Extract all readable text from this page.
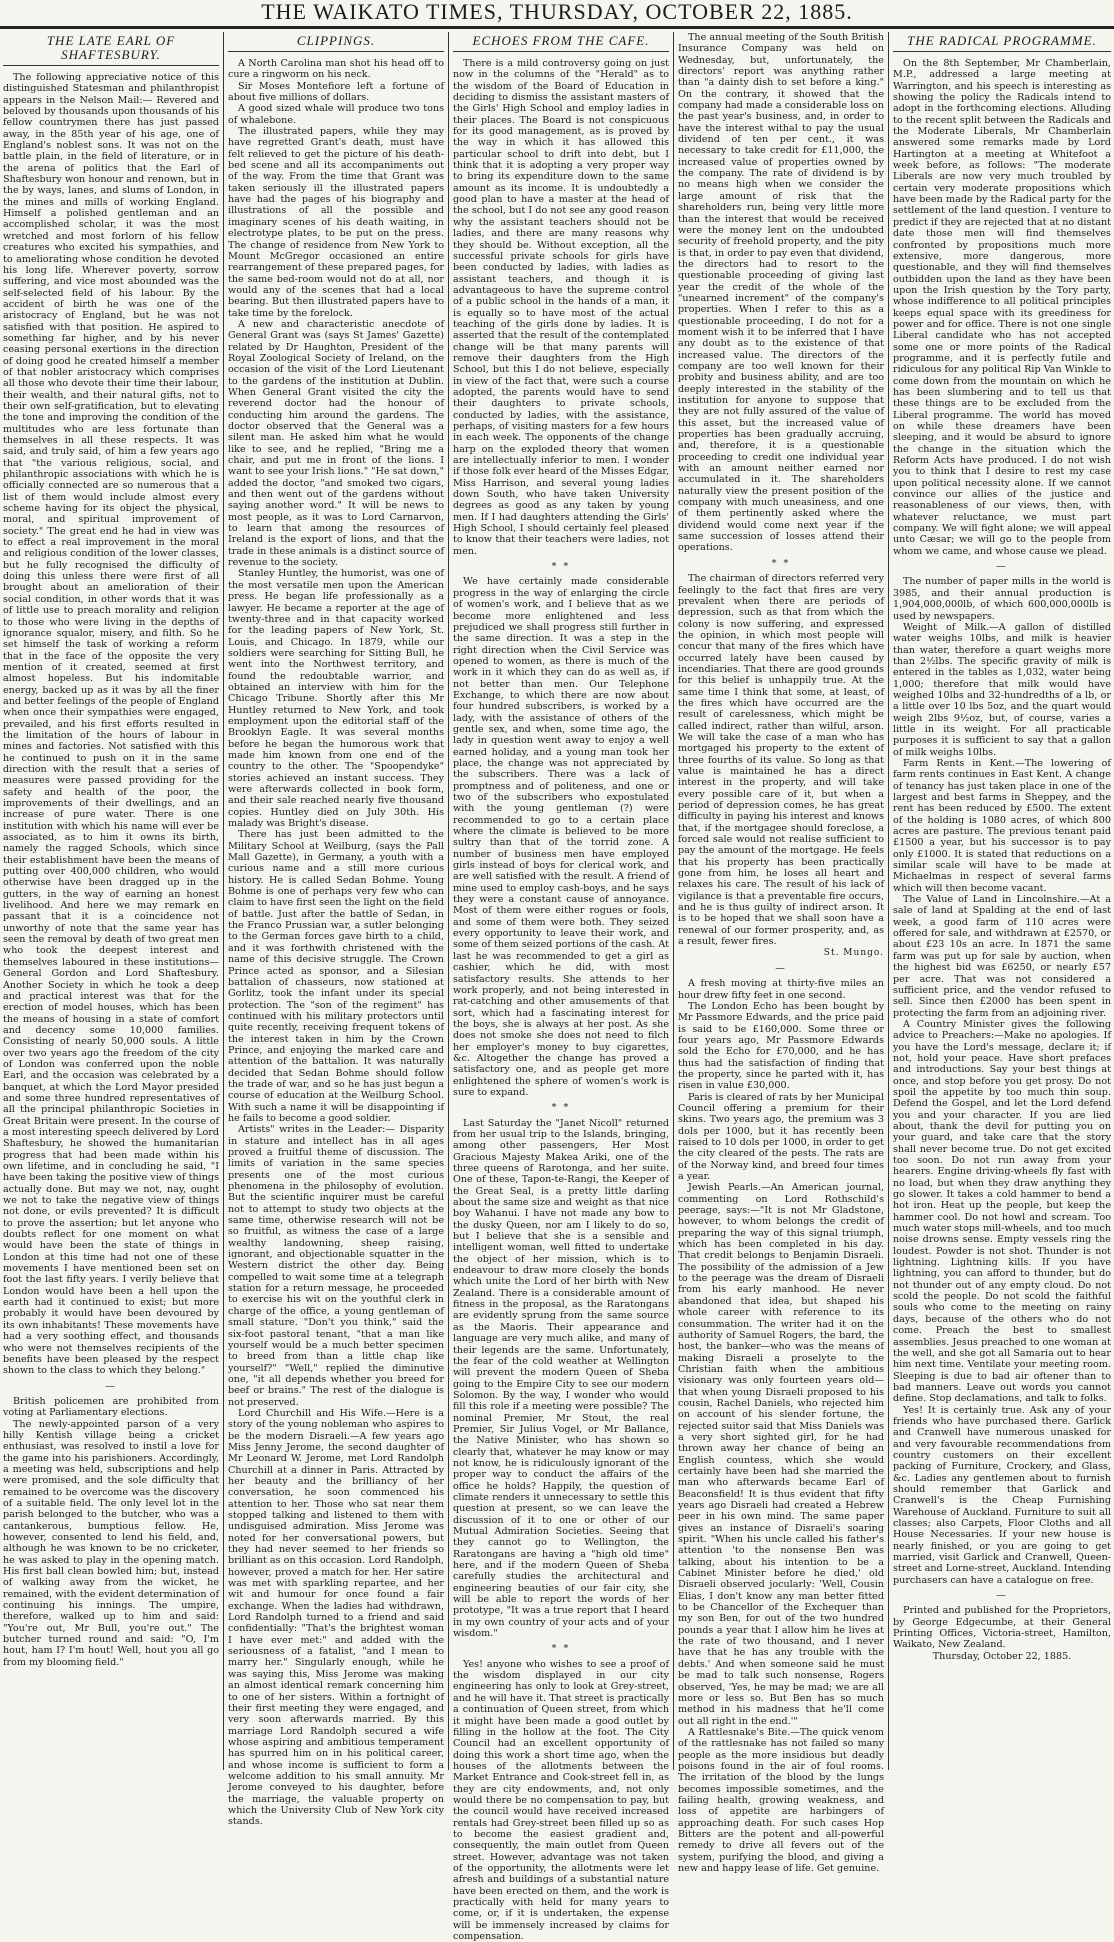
THE WAIKATO TIMES, THURSDAY, OCTOBER 22, 1885.

THE LATE EARL OF SHAFTESBURY.

The following appreciative notice of this distinguished Statesman and philanthropist appears in the Nelson Mail:— Revered and beloved by thousands upon thousands of his fellow countrymen there has just passed away, in the 85th year of his age, one of England's noblest sons. It was not on the battle plain, in the field of literature, or in the arena of politics that the Earl of Shaftesbury won honour and renown, but in the by ways, lanes, and slums of London, in the mines and mills of working England. Himself a polished gentleman and an accomplished scholar, it was the most wretched and most forlorn of his fellow creatures who excited his sympathies, and to ameliorating whose condition he devoted his long life. Wherever poverty, sorrow suffering, and vice most abounded was the self-selected field of his labour. By the accident of birth he was one of the aristocracy of England, but he was not satisfied with that position. He aspired to something far higher, and by his never ceasing personal exertions in the direction of doing good he created himself a member of that nobler aristocracy which comprises all those who devote their time their labour, their wealth, and their natural gifts, not to their own self-gratification, but to elevating the tone and improving the condition of the multitudes who are less fortunate than themselves in all these respects. It was said, and truly said, of him a few years ago that "the various religious, social, and philanthropic associations with which he is officially connected are so numerous that a list of them would include almost every scheme having for its object the physical, moral, and spiritual improvement of society." The great end he had in view was to effect a real improvement in the moral and religious condition of the lower classes, but he fully recognised the difficulty of doing this unless there were first of all brought about an amelioration of their social condition, in other words that it was of little use to preach morality and religion to those who were living in the depths of ignorance squalor, misery, and filth. So he set himself the task of working a reform that in the face of the opposite the very mention of it created, seemed at first almost hopeless. But his indomitable energy, backed up as it was by all the finer and better feelings of the people of England when once their sympathies were engaged, prevailed, and his first efforts resulted in the limitation of the hours of labour in mines and factories. Not satisfied with this he continued to push on it in the same direction with the result that a series of measures were passed providing for the safety and health of the poor, the improvements of their dwellings, and an increase of pure water. There is one institution with which his name will ever be associated, as to him it owns its birth, namely the ragged Schools, which since their establishment have been the means of putting over 400,000 children, who would otherwise have been dragged up in the gutters, in the way of earning an honest livelihood. And here we may remark en passant that it is a coincidence not unworthy of note that the same year has seen the removal by death of two great men who took the deepest interest and themselves laboured in these institutions—General Gordon and Lord Shaftesbury. Another Society in which he took a deep and practical interest was that for the erection of model houses, which has been the means of housing in a state of comfort and decency some 10,000 families. Consisting of nearly 50,000 souls. A little over two years ago the freedom of the city of London was conferred upon the noble Earl, and the occasion was celebrated by a banquet, at which the Lord Mayor presided and some three hundred representatives of all the principal philanthropic Societies in Great Britain were present. In the course of a most interesting speech delivered by Lord Shaftesbury, he showed the humanitarian progress that had been made within his own lifetime, and in concluding he said, "I have been taking the positive view of things actually done. But may we not, nay, ought we not to take the negative view of things not done, or evils prevented? It is difficult to prove the assertion; but let anyone who doubts reflect for one moment on what would have been the state of things in London at this time had not one of these movements I have mentioned been set on foot the last fifty years. I verily believe that London would have been a hell upon the earth had it continued to exist; but more probably it would have been devoured by its own inhabitants! These movements have had a very soothing effect, and thousands who were not themselves recipients of the benefits have been pleased by the respect shown to the class to which they belong."

—

British policemen are prohibited from voting at Parliamentary elections.

The newly-appointed parson of a very hilly Kentish village being a cricket enthusiast, was resolved to instil a love for the game into his parishioners. Accordingly, a meeting was held, subscriptions and help were promised, and the sole difficulty that remained to be overcome was the discovery of a suitable field. The only level lot in the parish belonged to the butcher, who was a cantankerous, bumptious fellow. He, however, consented to lend his field, and, although he was known to be no cricketer, he was asked to play in the opening match. His first ball clean bowled him; but, instead of walking away from the wicket, he remained, with the evident determination of continuing his innings. The umpire, therefore, walked up to him and said: "You're out, Mr Bull, you're out." The butcher turned round and said: "O, I'm hout, ham I? I'm hout! Well, hout you all go from my blooming field."

CLIPPINGS.

A North Carolina man shot his head off to cure a ringworm on his neck.

Sir Moses Montefiore left a fortune of about five millions of dollars.

A good sized whale will produce two tons of whalebone.

The illustrated papers, while they may have regretted Grant's death, must have felt relieved to get the picture of his death-bed scene and all its accompaniments out of the way. From the time that Grant was taken seriously ill the illustrated papers have had the pages of his biography and illustrations of all the possible and imaginary scenes of his death waiting, in electrotype plates, to be put on the press. The change of residence from New York to Mount McGregor occasioned an entire rearrangement of these prepared pages, for the same bed-room would not do at all, nor would any of the scenes that had a local bearing. But then illustrated papers have to take time by the forelock.

A new and characteristic anecdote of General Grant was (says St James' Gazette) related by Dr Haughton, President of the Royal Zoological Society of Ireland, on the occasion of the visit of the Lord Lieutenant to the gardens of the institution at Dublin. When General Grant visited the city the reverend doctor had the honour of conducting him around the gardens. The doctor observed that the General was a silent man. He asked him what he would like to see, and he replied, "Bring me a chair, and put me in front of the lions. I want to see your Irish lions." "He sat down," added the doctor, "and smoked two cigars, and then went out of the gardens without saying another word." It will be news to most people, as it was to Lord Carnarvon, to learn that among the resources of Ireland is the export of lions, and that the trade in these animals is a distinct source of revenue to the society.

Stanley Huntley, the humorist, was one of the most versatile men upon the American press. He began life professionally as a lawyer. He became a reporter at the age of twenty-three and in that capacity worked for the leading papers of New York, St. Louis, and Chicago. In 1879, while our soldiers were searching for Sitting Bull, he went into the Northwest territory, and found the redoubtable warrior, and obtained an interview with him for the Chicago Tribune. Shortly after this Mr Huntley returned to New York, and took employment upon the editorial staff of the Brooklyn Eagle. It was several months before he began the humorous work that made him known from one end of the country to the other. The "Spoopendyke" stories achieved an instant success. They were afterwards collected in book form, and their sale reached nearly five thousand copies. Huntley died on July 30th. His malady was Bright's disease.

There has just been admitted to the Military School at Weilburg, (says the Pall Mall Gazette), in Germany, a youth with a curious name and a still more curious history. He is called Sedan Bohme. Young Bohme is one of perhaps very few who can claim to have first seen the light on the field of battle. Just after the battle of Sedan, in the Franco Prussian war, a sutler belonging to the German forces gave birth to a child, and it was forthwith christened with the name of this decisive struggle. The Crown Prince acted as sponsor, and a Silesian battalion of chasseurs, now stationed at Gorlitz, took the infant under its special protection. The "son of the regiment" has continued with his military protectors until quite recently, receiving frequent tokens of the interest taken in him by the Crown Prince, and enjoying the marked care and attention of the battalion. It was naturally decided that Sedan Bohme should follow the trade of war, and so he has just begun a course of education at the Weilburg School. With such a name it will be disappointing if he fails to become a good soldier.

Artists" writes in the Leader:— Disparity in stature and intellect has in all ages proved a fruitful theme of discussion. The limits of variation in the same species presents one of the most curious phenomena in the philosophy of evolution. But the scientific inquirer must be careful not to attempt to study two objects at the same time, otherwise research will not be so fruitful, as witness the case of a large wealthy landowning, sheep raising, ignorant, and objectionable squatter in the Western district the other day. Being compelled to wait some time at a telegraph station for a return message, he proceeded to exercise his wit on the youthful clerk in charge of the office, a young gentleman of small stature. "Don't you think," said the six-foot pastoral tenant, "that a man like yourself would be a much better specimen to breed from than a little chap like yourself?" "Well," replied the diminutive one, "it all depends whether you breed for beef or brains." The rest of the dialogue is not preserved.

Lord Churchill and His Wife.—Here is a story of the young nobleman who aspires to be the modern Disraeli.—A few years ago Miss Jenny Jerome, the second daughter of Mr Leonard W. Jerome, met Lord Randolph Churchill at a dinner in Paris. Attracted by her beauty and the brilliancy of her conversation, he soon commenced his attention to her. Those who sat near them stopped talking and listened to them with undisguised admiration. Miss Jerome was noted for her conversational powers, but they had never seemed to her friends so brilliant as on this occasion. Lord Randolph, however, proved a match for her. Her satire was met with sparkling repartee, and her wit and humour for once found a fair exchange. When the ladies had withdrawn, Lord Randolph turned to a friend and said confidentially: "That's the brightest woman I have ever met:" and added with the seriousness of a fatalist, "and I mean to marry her." Singularly enough, while he was saying this, Miss Jerome was making an almost identical remark concerning him to one of her sisters. Within a fortnight of their first meeting they were engaged, and very soon afterwards married. By this marriage Lord Randolph secured a wife whose aspiring and ambitious temperament has spurred him on in his political career, and whose income is sufficient to form a welcome addition to his small annuity. Mr Jerome conveyed to his daughter, before the marriage, the valuable property on which the University Club of New York city stands.

ECHOES FROM THE CAFE.

There is a mild controversy going on just now in the columns of the "Herald" as to the wisdom of the Board of Education in deciding to dismiss the assistant masters of the Girls' High School and employ ladies in their places. The Board is not conspicuous for its good management, as is proved by the way in which it has allowed this particular school to drift into debt, but I think that it is adopting a very proper way to bring its expenditure down to the same amount as its income. It is undoubtedly a good plan to have a master at the head of the school, but I do not see any good reason why the assistant teachers should not be ladies, and there are many reasons why they should be. Without exception, all the successful private schools for girls have been conducted by ladies, with ladies as assistant teachers, and though it is advantageous to have the supreme control of a public school in the hands of a man, it is equally so to have most of the actual teaching of the girls done by ladies. It is asserted that the result of the contemplated change will be that many parents will remove their daughters from the High School, but this I do not believe, especially in view of the fact that, were such a course adopted, the parents would have to send their daughters to private schools, conducted by ladies, with the assistance, perhaps, of visiting masters for a few hours in each week. The opponents of the change harp on the exploded theory that women are intellectually inferior to men. I wonder if those folk ever heard of the Misses Edgar, Miss Harrison, and several young ladies down South, who have taken University degrees as good as any taken by young men. If I had daughters attending the Girls' High School, I should certainly feel pleased to know that their teachers were ladies, not men.

* *

We have certainly made considerable progress in the way of enlarging the circle of women's work, and I believe that as we become more enlightened and less prejudiced we shall progress still further in the same direction. It was a step in the right direction when the Civil Service was opened to women, as there is much of the work in it which they can do as well as, if not better than men. Our Telephone Exchange, to which there are now about four hundred subscribers, is worked by a lady, with the assistance of others of the gentle sex, and when, some time ago, the lady in question went away to enjoy a well earned holiday, and a young man took her place, the change was not appreciated by the subscribers. There was a lack of promptness and of politeness, and one or two of the subscribers who expostulated with the young gentleman (?) were recommended to go to a certain place where the climate is believed to be more sultry than that of the torrid zone. A number of business men have employed girls instead of boys for clerical work, and are well satisfied with the result. A friend of mine used to employ cash-boys, and he says they were a constant cause of annoyance. Most of them were either rogues or fools, and some of them were both. They seized every opportunity to leave their work, and some of them seized portions of the cash. At last he was recommended to get a girl as cashier, which he did, with most satisfactory results. She attends to her work properly, and not being interested in rat-catching and other amusements of that sort, which had a fascinating interest for the boys, she is always at her post. As she does not smoke she does not need to filch her employer's money to buy cigarettes, &c. Altogether the change has proved a satisfactory one, and as people get more enlightened the sphere of women's work is sure to expand.

* *

Last Saturday the "Janet Nicoll" returned from her usual trip to the Islands, bringing, among other passengers, Her Most Gracious Majesty Makea Ariki, one of the three queens of Rarotonga, and her suite. One of these, Tapon-te-Rangi, the Keeper of the Great Seal, is a pretty little darling about the same size and weight as that nice boy Wahanui. I have not made any bow to the dusky Queen, nor am I likely to do so, but I believe that she is a sensible and intelligent woman, well fitted to undertake the object of her mission, which is to endeavour to draw more closely the bonds which unite the Lord of her birth with New Zealand. There is a considerable amount of fitness in the proposal, as the Raratongans are evidently sprung from the same source as the Maoris. Their appearance and language are very much alike, and many of their legends are the same. Unfortunately, the fear of the cold weather at Wellington will prevent the modern Queen of Sheba going to the Empire City to see our modern Solomon. By the way, I wonder who would fill this role if a meeting were possible? The nominal Premier, Mr Stout, the real Premier, Sir Julius Vogel, or Mr Ballance, the Native Minister, who has shown so clearly that, whatever he may know or may not know, he is ridiculously ignorant of the proper way to conduct the affairs of the office he holds? Happily, the question of climate renders it unnecessary to settle this question at present, so we can leave the discussion of it to one or other of our Mutual Admiration Societies. Seeing that they cannot go to Wellington, the Raratongans are having a "high old time" here, and if the modern Queen of Sheba carefully studies the architectural and engineering beauties of our fair city, she will be able to report the words of her prototype, "It was a true report that I heard in my own country of your acts and of your wisdom."

* *

Yes! anyone who wishes to see a proof of the wisdom displayed in our city engineering has only to look at Grey-street, and he will have it. That street is practically a continuation of Queen street, from which it might have been made a good outlet by filling in the hollow at the foot. The City Council had an excellent opportunity of doing this work a short time ago, when the houses of the allotments between the Market Entrance and Cook-street fell in, as they are city endowments, and, not only would there be no compensation to pay, but the council would have received increased rentals had Grey-street been filled up so as to become the easiest gradient and, consequently, the main outlet from Queen street. However, advantage was not taken of the opportunity, the allotments were let afresh and buildings of a substantial nature have been erected on them, and the work is practically with held for many years to come, or, if it is undertaken, the expense will be immensely increased by claims for compensation.

The annual meeting of the South British Insurance Company was held on Wednesday, but, unfortunately, the directors' report was anything rather than "a dainty dish to set before a king." On the contrary, it showed that the company had made a considerable loss on the past year's business, and, in order to have the interest withal to pay the usual dividend of ten per cent., it was necessary to take credit for £11,000, the increased value of properties owned by the company. The rate of dividend is by no means high when we consider the large amount of risk that the shareholders run, being very little more than the interest that would be received were the money lent on the undoubted security of freehold property, and the pity is that, in order to pay even that dividend, the directors had to resort to the questionable proceeding of giving last year the credit of the whole of the "unearned increment" of the company's properties. When I refer to this as a questionable proceeding, I do not for a moment wish it to be inferred that I have any doubt as to the existence of that increased value. The directors of the company are too well known for their probity and business ability, and are too deeply interested in the stability of the institution for anyone to suppose that they are not fully assured of the value of this asset, but the increased value of properties has been gradually accruing, and, therefore, it is a questionable proceeding to credit one individual year with an amount neither earned nor accumulated in it. The shareholders naturally view the present position of the company with much uneasiness, and one of them pertinently asked where the dividend would come next year if the same succession of losses attend their operations.

* *

The chairman of directors referred very feelingly to the fact that fires are very prevalent when there are periods of depression, such as that from which the colony is now suffering, and expressed the opinion, in which most people will concur that many of the fires which have occurred lately have been caused by incendiaries. That there are good grounds for this belief is unhappily true. At the same time I think that some, at least, of the fires which have occurred are the result of carelessness, which might be called indirect, rather than wilful, arson. We will take the case of a man who has mortgaged his property to the extent of three fourths of its value. So long as that value is maintained he has a direct interest in the property, and will take every possible care of it, but when a period of depression comes, he has great difficulty in paying his interest and knows that, if the mortgagee should foreclose, a forced sale would not realise sufficient to pay the amount of the mortgage. He feels that his property has been practically gone from him, he loses all heart and relaxes his care. The result of his lack of vigilance is that a preventable fire occurs, and he is thus guilty of indirect arson. It is to be hoped that we shall soon have a renewal of our former prosperity, and, as a result, fewer fires.

St. Mungo.

—

A fresh moving at thirty-five miles an hour drew fifty feet in one second.

The London Echo has been bought by Mr Passmore Edwards, and the price paid is said to be £160,000. Some three or four years ago, Mr Passmore Edwards sold the Echo for £70,000, and he has thus had the satisfaction of finding that the property, since he parted with it, has risen in value £30,000.

Paris is cleared of rats by her Municipal Council offering a premium for their skins. Two years ago, the premium was 3 dols per 1000, but it has recently been raised to 10 dols per 1000, in order to get the city cleared of the pests. The rats are of the Norway kind, and breed four times a year.

Jewish Pearls.—An American journal, commenting on Lord Rothschild's peerage, says:—"It is not Mr Gladstone, however, to whom belongs the credit of preparing the way of this signal triumph, which has been completed in his day. That credit belongs to Benjamin Disraeli. The possibility of the admission of a Jew to the peerage was the dream of Disraeli from his early manhood. He never abandoned that idea, but shaped his whole career with reference to its consummation. The writer had it on the authority of Samuel Rogers, the bard, the host, the banker—who was the means of making Disraeli a proselyte to the Christian faith when the ambitious visionary was only fourteen years old—that when young Disraeli proposed to his cousin, Rachel Daniels, who rejected him on account of his slender fortune, the rejected suitor said that Miss Daniels was a very short sighted girl, for he had thrown away her chance of being an English countess, which she would certainly have been had she married the man who afterwards became Earl of Beaconsfield! It is thus evident that fifty years ago Disraeli had created a Hebrew peer in his own mind. The same paper gives an instance of Disraeli's soaring spirit. "When his uncle called his father's attention 'to the nonsense Ben was talking, about his intention to be a Cabinet Minister before he died,' old Disraeli observed jocularly: 'Well, Cousin Elias, I don't know any man better fitted to be Chancellor of the Exchequer than my son Ben, for out of the two hundred pounds a year that I allow him he lives at the rate of two thousand, and I never have that he has any trouble with the debts.' And when someone said he must be mad to talk such nonsense, Rogers observed, 'Yes, he may be mad; we are all more or less so. But Ben has so much method in his madness that he'll come out all right in the end.'"

A Rattlesnake's Bite.—The quick venom of the rattlesnake has not failed so many people as the more insidious but deadly poisons found in the air of foul rooms. The irritation of the blood by the lungs becomes impossible sometimes, and the failing health, growing weakness, and loss of appetite are harbingers of approaching death. For such cases Hop Bitters are the potent and all-powerful remedy to drive all fevers out of the system, purifying the blood, and giving a new and happy lease of life. Get genuine.

THE RADICAL PROGRAMME.

On the 8th September, Mr Chamberlain, M.P., addressed a large meeting at Warrington, and his speech is interesting as showing the policy the Radicals intend to adopt in the forthcoming elections. Alluding to the recent split between the Radicals and the Moderate Liberals, Mr Chamberlain answered some remarks made by Lord Hartington at a meeting at Whitefoot a week before, as follows: "The moderate Liberals are now very much troubled by certain very moderate propositions which have been made by the Radical party for the settlement of the land question. I venture to predict if they are rejected that at no distant date those men will find themselves confronted by propositions much more extensive, more dangerous, more questionable, and they will find themselves outbidden upon the land as they have been upon the Irish question by the Tory party, whose indifference to all political principles keeps equal space with its greediness for power and for office. There is not one single Liberal candidate who has not accepted some one or more points of the Radical programme, and it is perfectly futile and ridiculous for any political Rip Van Winkle to come down from the mountain on which he has been slumbering and to tell us that these things are to be excluded from the Liberal programme. The world has moved on while these dreamers have been sleeping, and it would be absurd to ignore the change in the situation which the Reform Acts have produced. I do not wish you to think that I desire to rest my case upon political necessity alone. If we cannot convince our allies of the justice and reasonableness of our views, then, with whatever reluctance, we must part company. We will fight alone; we will appeal unto Cæsar; we will go to the people from whom we came, and whose cause we plead.

—

The number of paper mills in the world is 3985, and their annual production is 1,904,000,000lb, of which 600,000,000lb is used by newspapers.

Weight of Milk.—A gallon of distilled water weighs 10lbs, and milk is heavier than water, therefore a quart weighs more than 2½lbs. The specific gravity of milk is entered in the tables as 1,032, water being 1,000; therefore that milk would have weighed 10lbs and 32-hundredths of a lb, or a little over 10 lbs 5oz, and the quart would weigh 2lbs 9½oz, but, of course, varies a little in its weight. For all practicable purposes it is sufficient to say that a gallon of milk weighs 10lbs.

Farm Rents in Kent.—The lowering of farm rents continues in East Kent. A change of tenancy has just taken place in one of the largest and best farms in Sheppey, and the rent has been reduced by £500. The extent of the holding is 1080 acres, of which 800 acres are pasture. The previous tenant paid £1500 a year, but his successor is to pay only £1000. It is stated that reductions on a similar scale will have to be made at Michaelmas in respect of several farms which will then become vacant.

The Value of Land in Lincolnshire.—At a sale of land at Spalding at the end of last week, a good farm of 110 acres were offered for sale, and withdrawn at £2570, or about £23 10s an acre. In 1871 the same farm was put up for sale by auction, when the highest bid was £6250, or nearly £57 per acre. That was not considered a sufficient price, and the vendor refused to sell. Since then £2000 has been spent in protecting the farm from an adjoining river.

A Country Minister gives the following advice to Preachers:—Make no apologies. If you have the Lord's message, declare it; if not, hold your peace. Have short prefaces and introductions. Say your best things at once, and stop before you get prosy. Do not spoil the appetite by too much thin soup. Defend the Gospel, and let the Lord defend you and your character. If you are lied about, thank the devil for putting you on your guard, and take care that the story shall never become true. Do not get excited too soon. Do not run away from your hearers. Engine driving-wheels fly fast with no load, but when they draw anything they go slower. It takes a cold hammer to bend a hot iron. Heat up the people, but keep the hammer cool. Do not howl and scream. Too much water stops mill-wheels, and too much noise drowns sense. Empty vessels ring the loudest. Powder is not shot. Thunder is not lightning. Lightning kills. If you have lightning, you can afford to thunder, but do not thunder out of any empty cloud. Do not scold the people. Do not scold the faithful souls who come to the meeting on rainy days, because of the others who do not come. Preach the best to smallest assemblies. Jesus preached to one woman at the well, and she got all Samaria out to hear him next time. Ventilate your meeting room. Sleeping is due to bad air oftener than to bad manners. Leave out words you cannot define. Stop declamations, and talk to folks.

Yes! It is certainly true. Ask any of your friends who have purchased there. Garlick and Cranwell have numerous unasked for and very favourable recommendations from country customers on their excellent packing of Furniture, Crockery, and Glass, &c. Ladies any gentlemen about to furnish should remember that Garlick and Cranwell's is the Cheap Furnishing Warehouse of Auckland. Furniture to suit all classes; also Carpets, Floor Cloths and all House Necessaries. If your new house is nearly finished, or you are going to get married, visit Garlick and Cranwell, Queen-street and Lorne-street, Auckland. Intending purchasers can have a catalogue on free.

—

Printed and published for the Proprietors, by George Edgecumbe, at their General Printing Offices, Victoria-street, Hamilton, Waikato, New Zealand.

Thursday, October 22, 1885.
